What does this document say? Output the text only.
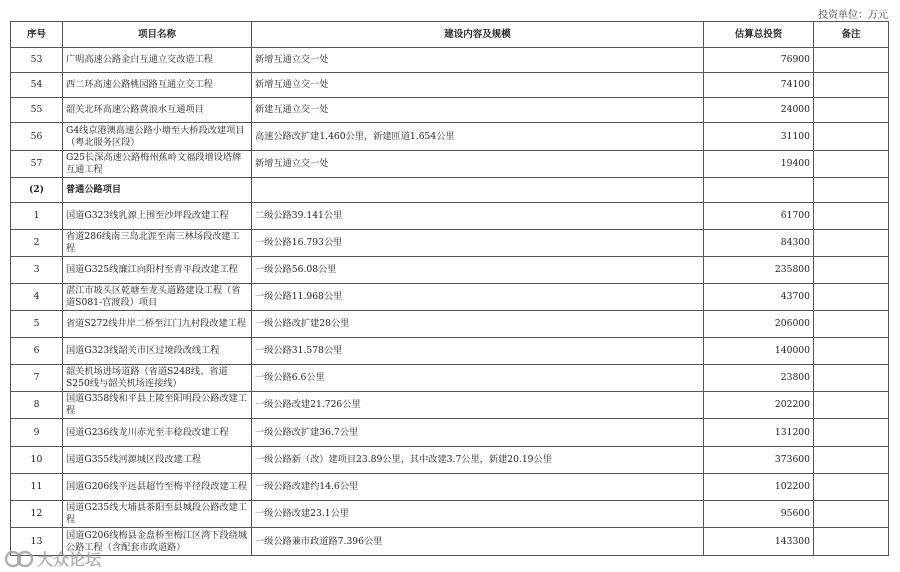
投资单位：万元
序号	项目名称	建设内容及规模	估算总投资	备注
53	广明高速公路金白互通立交改造工程	新增互通立交一处	76900	
54	西二环高速公路桃园路互通立交工程	新增互通立交一处	74100	
55	韶关北环高速公路黄浪水互通项目	新建互通立交一处	24000	
56	G4线京港澳高速公路小塘至大桥段改建项目（粤北服务区段）	高速公路改扩建1.460公里，新建匝道1.654公里	31100	
57	G25长深高速公路梅州蕉岭文福段增设塔牌互通工程	新增互通立交一处	19400	
(2)	普通公路项目			
1	国道G323线乳源上围至沙坪段改建工程	二级公路39.141公里	61700	
2	省道286线南三岛北涯至南三林场段改建工程	一级公路16.793公里	84300	
3	国道G325线廉江向阳村至青平段改建工程	一级公路56.08公里	235800	
4	湛江市坡头区乾塘至龙头道路建设工程（省道S081-官渡段）项目	一级公路11.968公里	43700	
5	省道S272线井岸二桥至江门九村段改建工程	一级公路改扩建28公里	206000	
6	国道G323线韶关市区过境段改线工程	一级公路31.578公里	140000	
7	韶关机场进场道路（省道S248线、省道S250线与韶关机场连接线）	一级公路6.6公里	23800	
8	国道G358线和平县上陵至阳明段公路改建工程	一级公路改建21.726公里	202200	
9	国道G236线龙川赤光至丰稔段改建工程	一级公路改扩建36.7公里	131200	
10	国道G355线河源城区段改建工程	一级公路新（改）建项目23.89公里，其中改建3.7公里，新建20.19公里	373600	
11	国道G206线平远县超竹至梅平径段改建工程	一级公路改建约14.6公里	102200	
12	国道G235线大埔县茶阳至县城段公路改建工程	一级公路改建23.1公里	95600	
13	国道G206线梅县金盘桥至梅江区湾下段绕城公路工程（含配套市政道路）	一级公路兼市政道路7.396公里	143300	
大众论坛
